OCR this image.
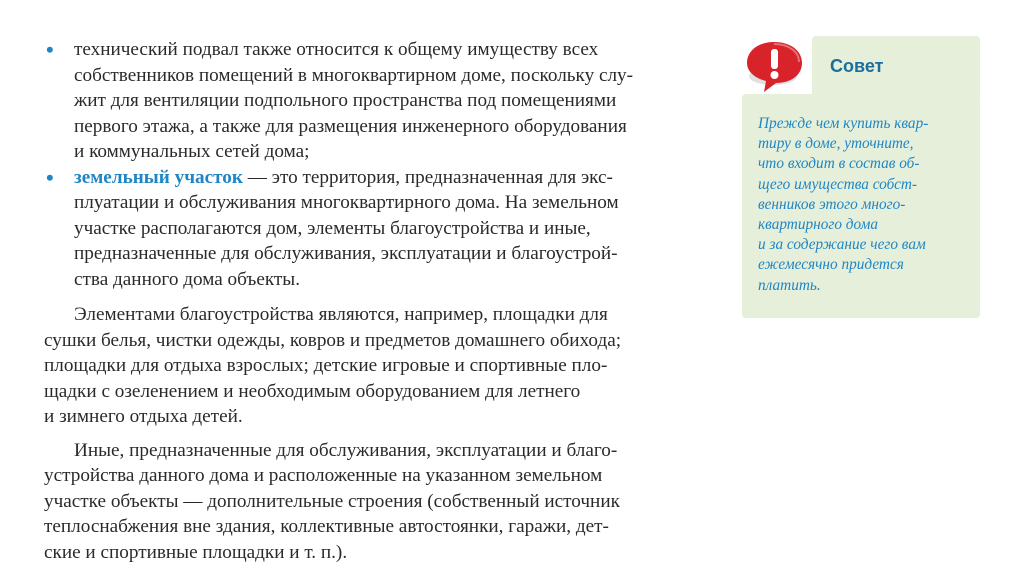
• технический подвал также относится к общему имуществу всех
собственников помещений в многоквартирном доме, поскольку слу-
жит для вентиляции подпольного пространства под помещениями
первого этажа, а также для размещения инженерного оборудования
и коммунальных сетей дома;
• земельный участок — это территория, предназначенная для экс-
плуатации и обслуживания многоквартирного дома. На земельном
участке располагаются дом, элементы благоустройства и иные,
предназначенные для обслуживания, эксплуатации и благоустрой-
ства данного дома объекты.
Элементами благоустройства являются, например, площадки для
сушки белья, чистки одежды, ковров и предметов домашнего обихода;
площадки для отдыха взрослых; детские игровые и спортивные пло-
щадки с озеленением и необходимым оборудованием для летнего
и зимнего отдыха детей.
Иные, предназначенные для обслуживания, эксплуатации и благо-
устройства данного дома и расположенные на указанном земельном
участке объекты — дополнительные строения (собственный источник
теплоснабжения вне здания, коллективные автостоянки, гаражи, дет-
ские и спортивные площадки и т. п.).
Совет
Прежде чем купить квар-
тиру в доме, уточните,
что входит в состав об-
щего имущества собст-
венников этого много-
квартирного дома
и за содержание чего вам
ежемесячно придется
платить.
